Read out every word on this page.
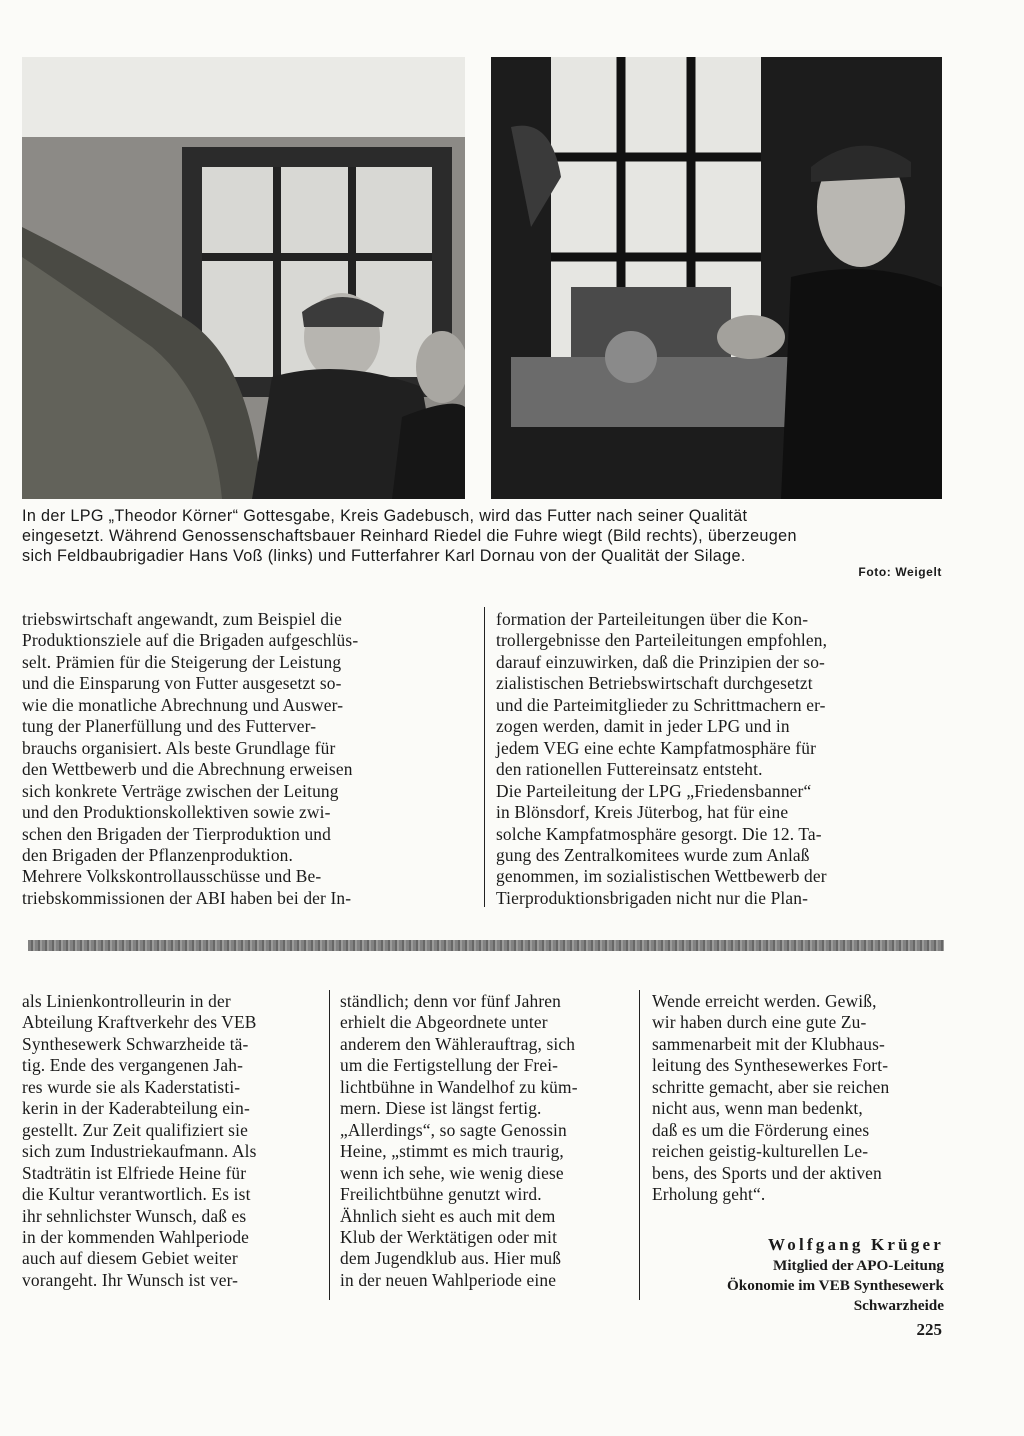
In der LPG „Theodor Körner“ Gottesgabe, Kreis Gadebusch, wird das Futter nach seiner Qualität

eingesetzt. Während Genossenschaftsbauer Reinhard Riedel die Fuhre wiegt (Bild rechts), überzeugen

sich Feldbaubrigadier Hans Voß (links) und Futterfahrer Karl Dornau von der Qualität der Silage.

Foto: Weigelt

triebswirtschaft angewandt, zum Beispiel die

Produktionsziele auf die Brigaden aufgeschlüs-

selt. Prämien für die Steigerung der Leistung

und die Einsparung von Futter ausgesetzt so-

wie die monatliche Abrechnung und Auswer-

tung der Planerfüllung und des Futterver-

brauchs organisiert. Als beste Grundlage für

den Wettbewerb und die Abrechnung erweisen

sich konkrete Verträge zwischen der Leitung

und den Produktionskollektiven sowie zwi-

schen den Brigaden der Tierproduktion und

den Brigaden der Pflanzenproduktion.

Mehrere Volkskontrollausschüsse und Be-

triebskommissionen der ABI haben bei der In-

formation der Parteileitungen über die Kon-

trollergebnisse den Parteileitungen empfohlen,

darauf einzuwirken, daß die Prinzipien der so-

zialistischen Betriebswirtschaft durchgesetzt

und die Parteimitglieder zu Schrittmachern er-

zogen werden, damit in jeder LPG und in

jedem VEG eine echte Kampfatmosphäre für

den rationellen Futtereinsatz entsteht.

Die Parteileitung der LPG „Friedensbanner“

in Blönsdorf, Kreis Jüterbog, hat für eine

solche Kampfatmosphäre gesorgt. Die 12. Ta-

gung des Zentralkomitees wurde zum Anlaß

genommen, im sozialistischen Wettbewerb der

Tierproduktionsbrigaden nicht nur die Plan-

als Linienkontrolleurin in der

Abteilung Kraftverkehr des VEB

Synthesewerk Schwarzheide tä-

tig. Ende des vergangenen Jah-

res wurde sie als Kaderstatisti-

kerin in der Kaderabteilung ein-

gestellt. Zur Zeit qualifiziert sie

sich zum Industriekaufmann. Als

Stadträtin ist Elfriede Heine für

die Kultur verantwortlich. Es ist

ihr sehnlichster Wunsch, daß es

in der kommenden Wahlperiode

auch auf diesem Gebiet weiter

vorangeht. Ihr Wunsch ist ver-

ständlich; denn vor fünf Jahren

erhielt die Abgeordnete unter

anderem den Wählerauftrag, sich

um die Fertigstellung der Frei-

lichtbühne in Wandelhof zu küm-

mern. Diese ist längst fertig.

„Allerdings“, so sagte Genossin

Heine, „stimmt es mich traurig,

wenn ich sehe, wie wenig diese

Freilichtbühne genutzt wird.

Ähnlich sieht es auch mit dem

Klub der Werktätigen oder mit

dem Jugendklub aus. Hier muß

in der neuen Wahlperiode eine

Wende erreicht werden. Gewiß,

wir haben durch eine gute Zu-

sammenarbeit mit der Klubhaus-

leitung des Synthesewerkes Fort-

schritte gemacht, aber sie reichen

nicht aus, wenn man bedenkt,

daß es um die Förderung eines

reichen geistig-kulturellen Le-

bens, des Sports und der aktiven

Erholung geht“.

Wolfgang Krüger
Mitglied der APO-Leitung
Ökonomie im VEB Synthesewerk
Schwarzheide
225
